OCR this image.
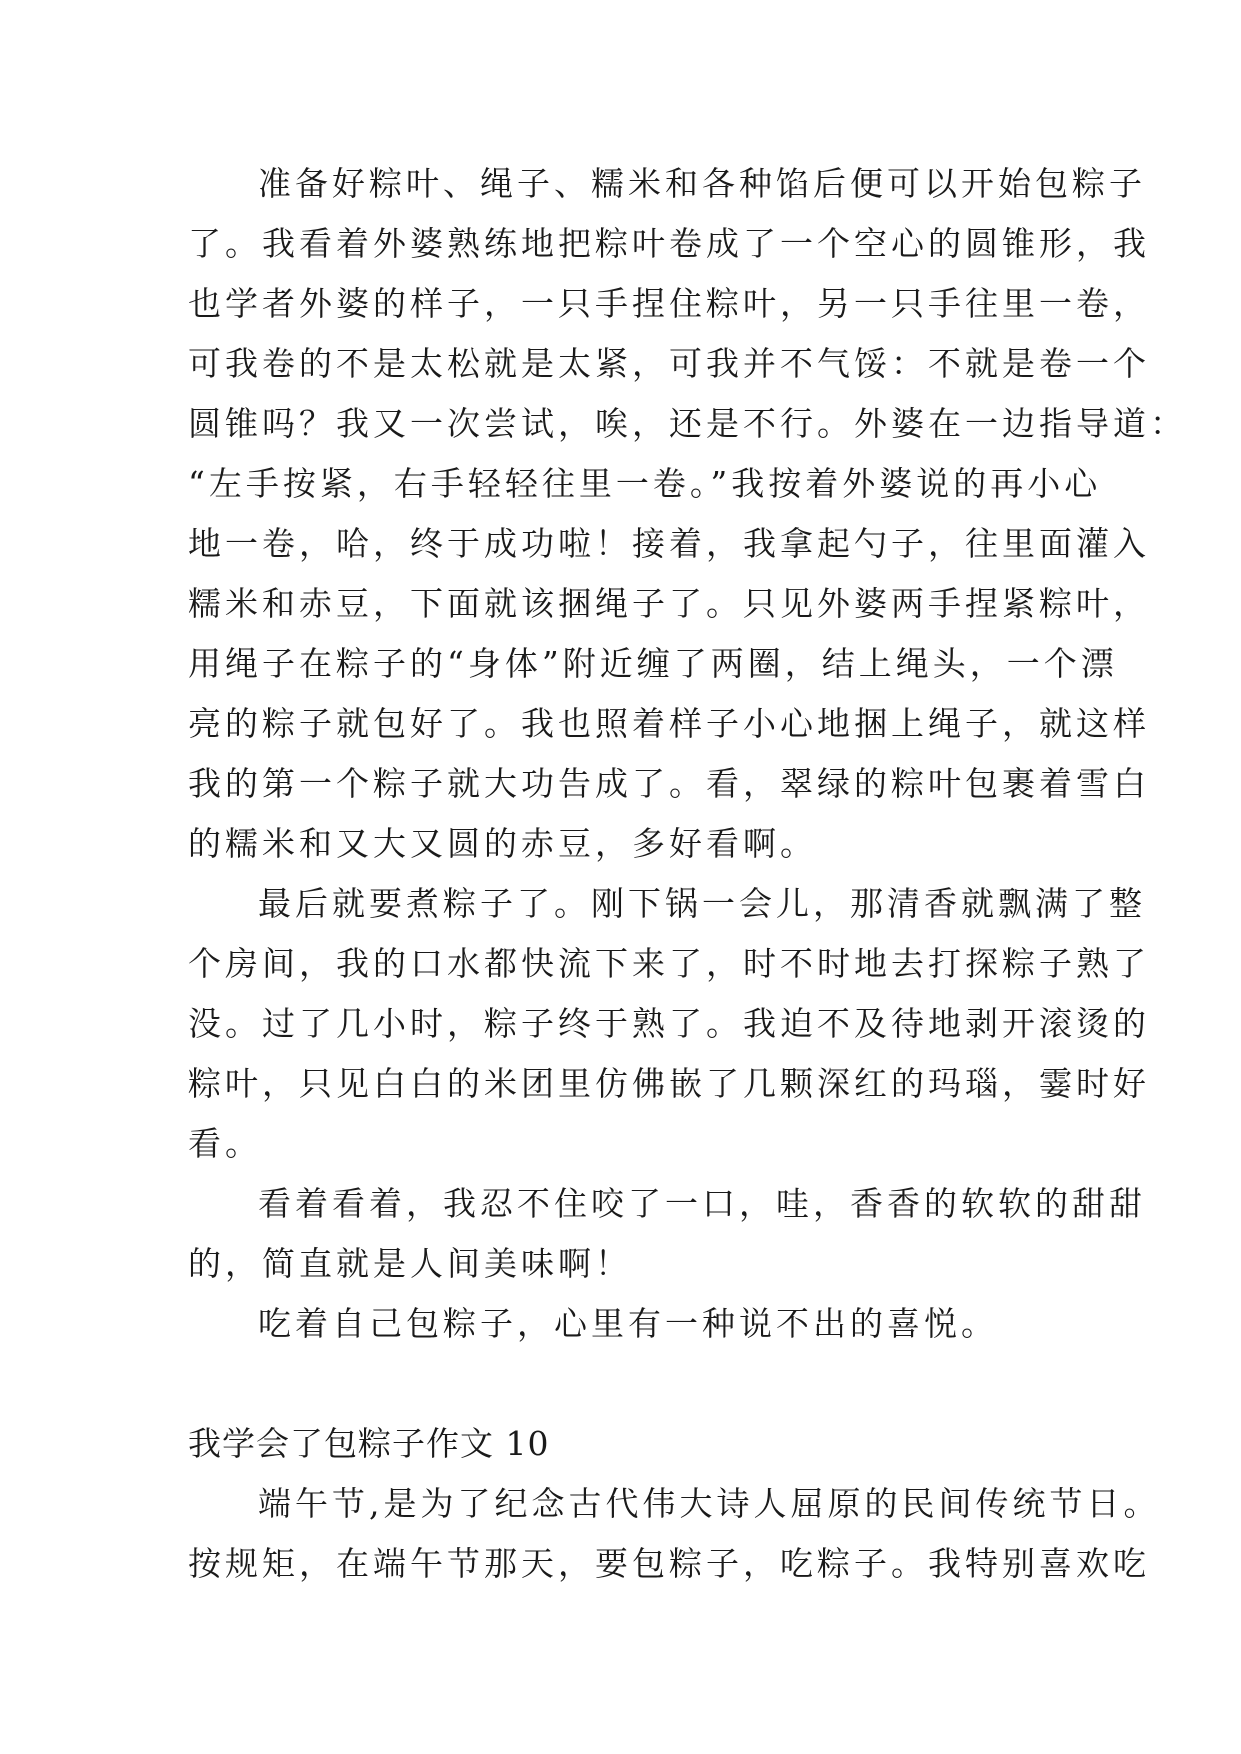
准备好粽叶、绳子、糯米和各种馅后便可以开始包粽子
了。我看着外婆熟练地把粽叶卷成了一个空心的圆锥形，我
也学者外婆的样子，一只手捏住粽叶，另一只手往里一卷，
可我卷的不是太松就是太紧，可我并不气馁：不就是卷一个
圆锥吗？我又一次尝试，唉，还是不行。外婆在一边指导道：
“左手按紧，右手轻轻往里一卷。”我按着外婆说的再小心
地一卷，哈，终于成功啦！接着，我拿起勺子，往里面灌入
糯米和赤豆，下面就该捆绳子了。只见外婆两手捏紧粽叶，
用绳子在粽子的“身体”附近缠了两圈，结上绳头，一个漂
亮的粽子就包好了。我也照着样子小心地捆上绳子，就这样
我的第一个粽子就大功告成了。看，翠绿的粽叶包裹着雪白
的糯米和又大又圆的赤豆，多好看啊。
最后就要煮粽子了。刚下锅一会儿，那清香就飘满了整
个房间，我的口水都快流下来了，时不时地去打探粽子熟了
没。过了几小时，粽子终于熟了。我迫不及待地剥开滚烫的
粽叶，只见白白的米团里仿佛嵌了几颗深红的玛瑙，霎时好
看。
看着看着，我忍不住咬了一口，哇，香香的软软的甜甜
的，简直就是人间美味啊！
吃着自己包粽子，心里有一种说不出的喜悦。
我学会了包粽子作文 10
端午节,是为了纪念古代伟大诗人屈原的民间传统节日。
按规矩，在端午节那天，要包粽子，吃粽子。我特别喜欢吃
